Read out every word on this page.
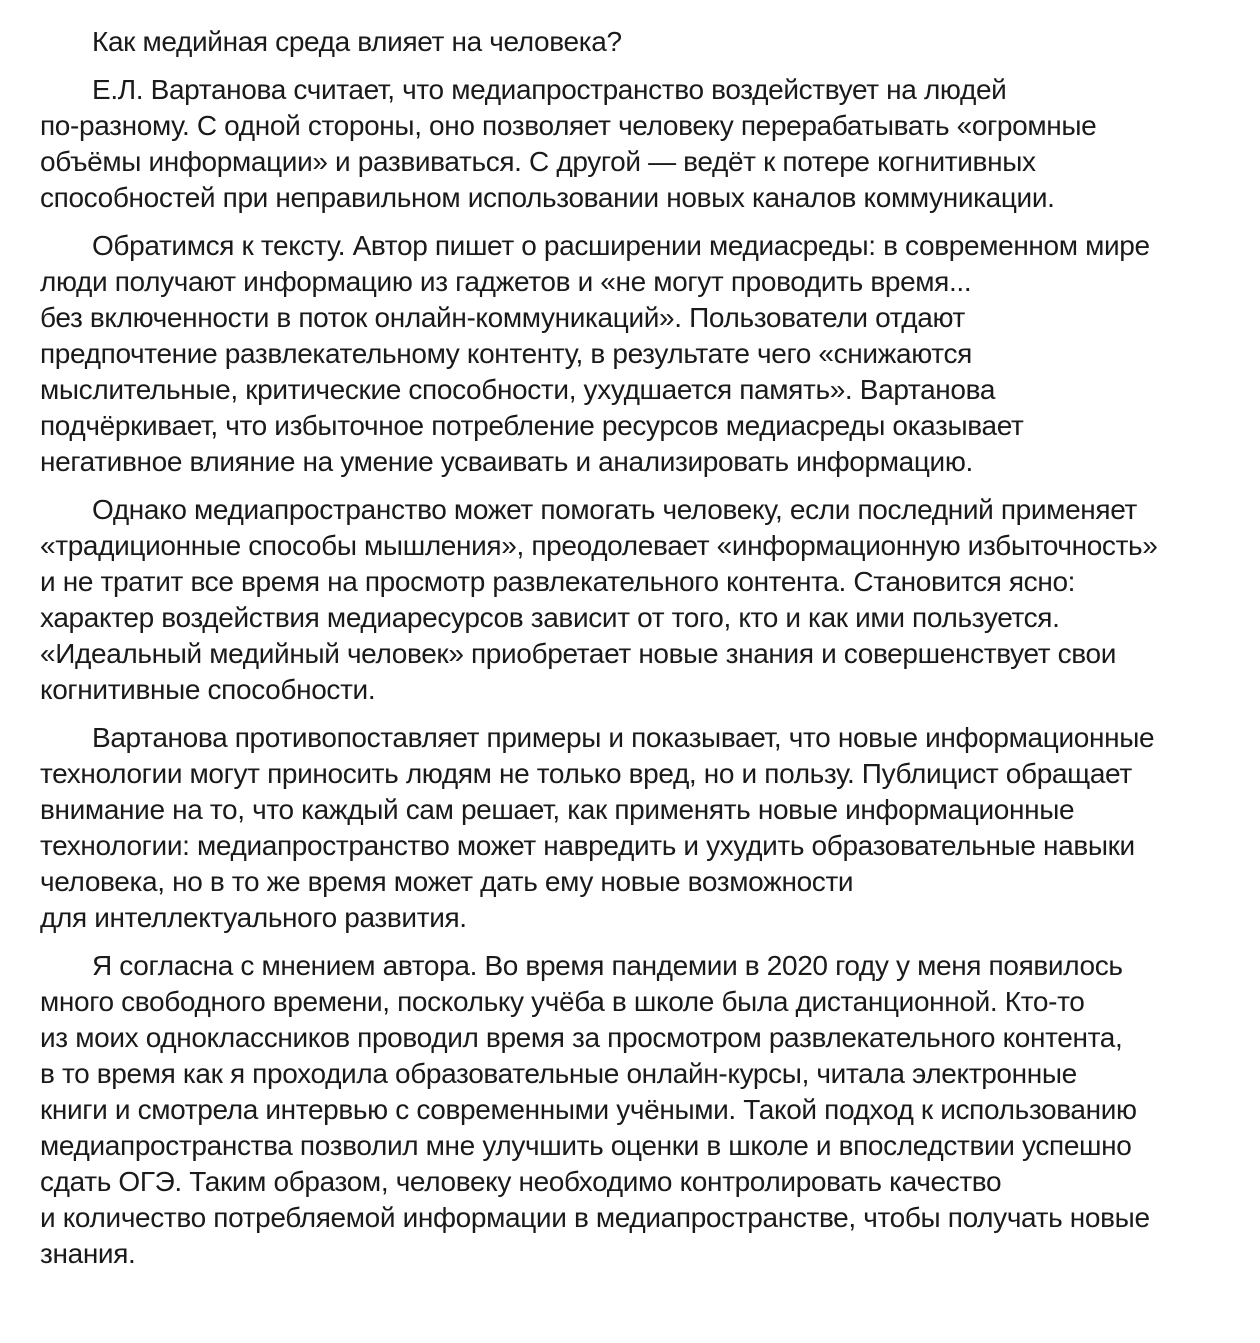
Как медийная среда влияет на человека?

Е.Л. Вартанова считает, что медиапространство воздействует на людей
по-разному. С одной стороны, оно позволяет человеку перерабатывать «огромные
объёмы информации» и развиваться. С другой — ведёт к потере когнитивных
способностей при неправильном использовании новых каналов коммуникации.

Обратимся к тексту. Автор пишет о расширении медиасреды: в современном мире
люди получают информацию из гаджетов и «не могут проводить время...
без включенности в поток онлайн-коммуникаций». Пользователи отдают
предпочтение развлекательному контенту, в результате чего «снижаются
мыслительные, критические способности, ухудшается память». Вартанова
подчёркивает, что избыточное потребление ресурсов медиасреды оказывает
негативное влияние на умение усваивать и анализировать информацию.

Однако медиапространство может помогать человеку, если последний применяет
«традиционные способы мышления», преодолевает «информационную избыточность»
и не тратит все время на просмотр развлекательного контента. Становится ясно:
характер воздействия медиаресурсов зависит от того, кто и как ими пользуется.
«Идеальный медийный человек» приобретает новые знания и совершенствует свои
когнитивные способности.

Вартанова противопоставляет примеры и показывает, что новые информационные
технологии могут приносить людям не только вред, но и пользу. Публицист обращает
внимание на то, что каждый сам решает, как применять новые информационные
технологии: медиапространство может навредить и ухудить образовательные навыки
человека, но в то же время может дать ему новые возможности
для интеллектуального развития.

Я согласна с мнением автора. Во время пандемии в 2020 году у меня появилось
много свободного времени, поскольку учёба в школе была дистанционной. Кто-то
из моих одноклассников проводил время за просмотром развлекательного контента,
в то время как я проходила образовательные онлайн-курсы, читала электронные
книги и смотрела интервью с современными учёными. Такой подход к использованию
медиапространства позволил мне улучшить оценки в школе и впоследствии успешно
сдать ОГЭ. Таким образом, человеку необходимо контролировать качество
и количество потребляемой информации в медиапространстве, чтобы получать новые
знания.
